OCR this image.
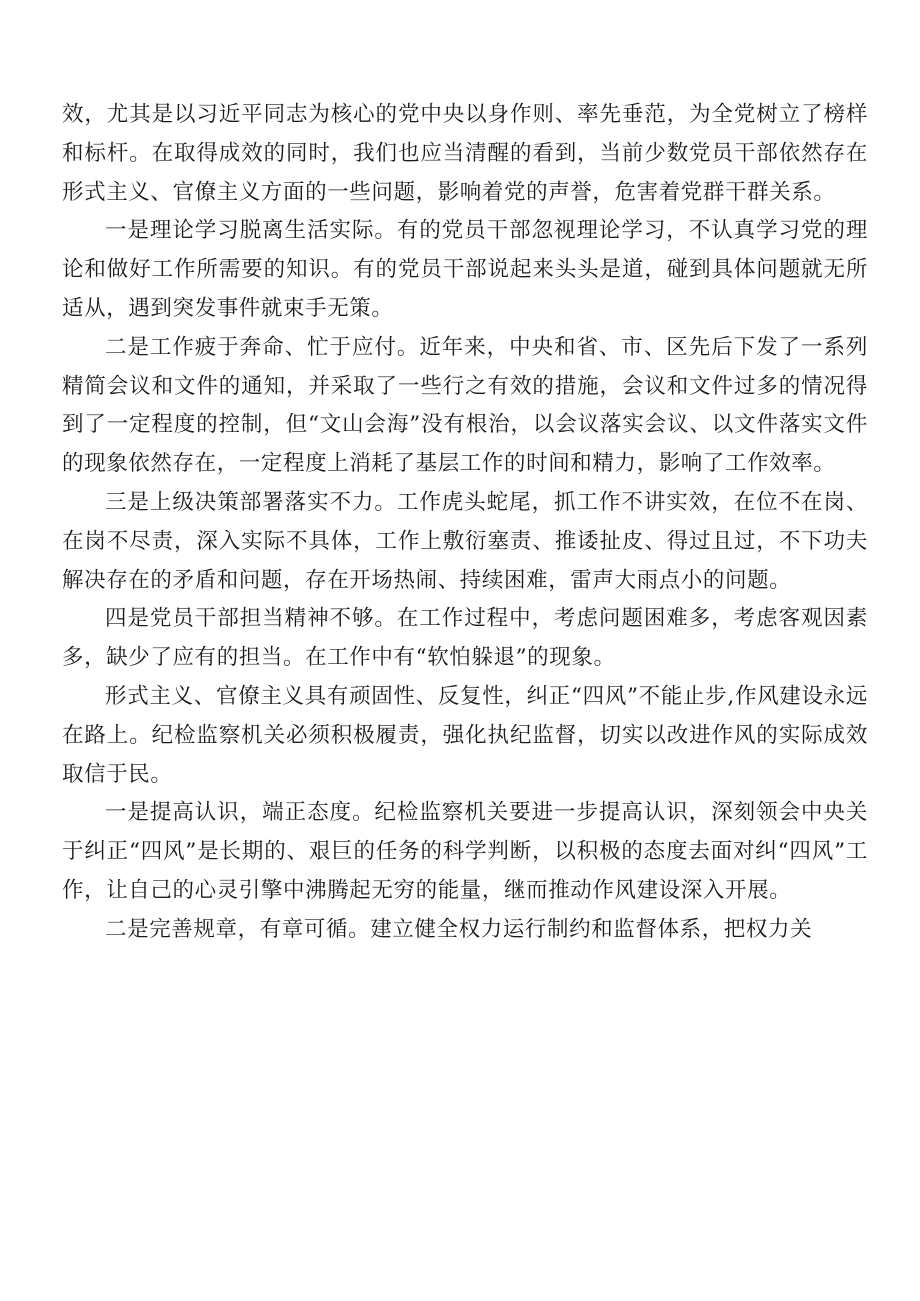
效，尤其是以习近平同志为核心的党中央以身作则、率先垂范，为全党树立了榜样和标杆。在取得成效的同时，我们也应当清醒的看到，当前少数党员干部依然存在形式主义、官僚主义方面的一些问题，影响着党的声誉，危害着党群干群关系。

一是理论学习脱离生活实际。有的党员干部忽视理论学习，不认真学习党的理论和做好工作所需要的知识。有的党员干部说起来头头是道，碰到具体问题就无所适从，遇到突发事件就束手无策。

二是工作疲于奔命、忙于应付。近年来，中央和省、市、区先后下发了一系列精简会议和文件的通知，并采取了一些行之有效的措施，会议和文件过多的情况得到了一定程度的控制，但“文山会海”没有根治，以会议落实会议、以文件落实文件的现象依然存在，一定程度上消耗了基层工作的时间和精力，影响了工作效率。

三是上级决策部署落实不力。工作虎头蛇尾，抓工作不讲实效，在位不在岗、在岗不尽责，深入实际不具体，工作上敷衍塞责、推诿扯皮、得过且过，不下功夫解决存在的矛盾和问题，存在开场热闹、持续困难，雷声大雨点小的问题。

四是党员干部担当精神不够。在工作过程中，考虑问题困难多，考虑客观因素多，缺少了应有的担当。在工作中有“软怕躲退”的现象。

形式主义、官僚主义具有顽固性、反复性，纠正“四风”不能止步,作风建设永远在路上。纪检监察机关必须积极履责，强化执纪监督，切实以改进作风的实际成效取信于民。

一是提高认识，端正态度。纪检监察机关要进一步提高认识，深刻领会中央关于纠正“四风”是长期的、艰巨的任务的科学判断，以积极的态度去面对纠“四风”工作，让自己的心灵引擎中沸腾起无穷的能量，继而推动作风建设深入开展。

二是完善规章，有章可循。建立健全权力运行制约和监督体系，把权力关
